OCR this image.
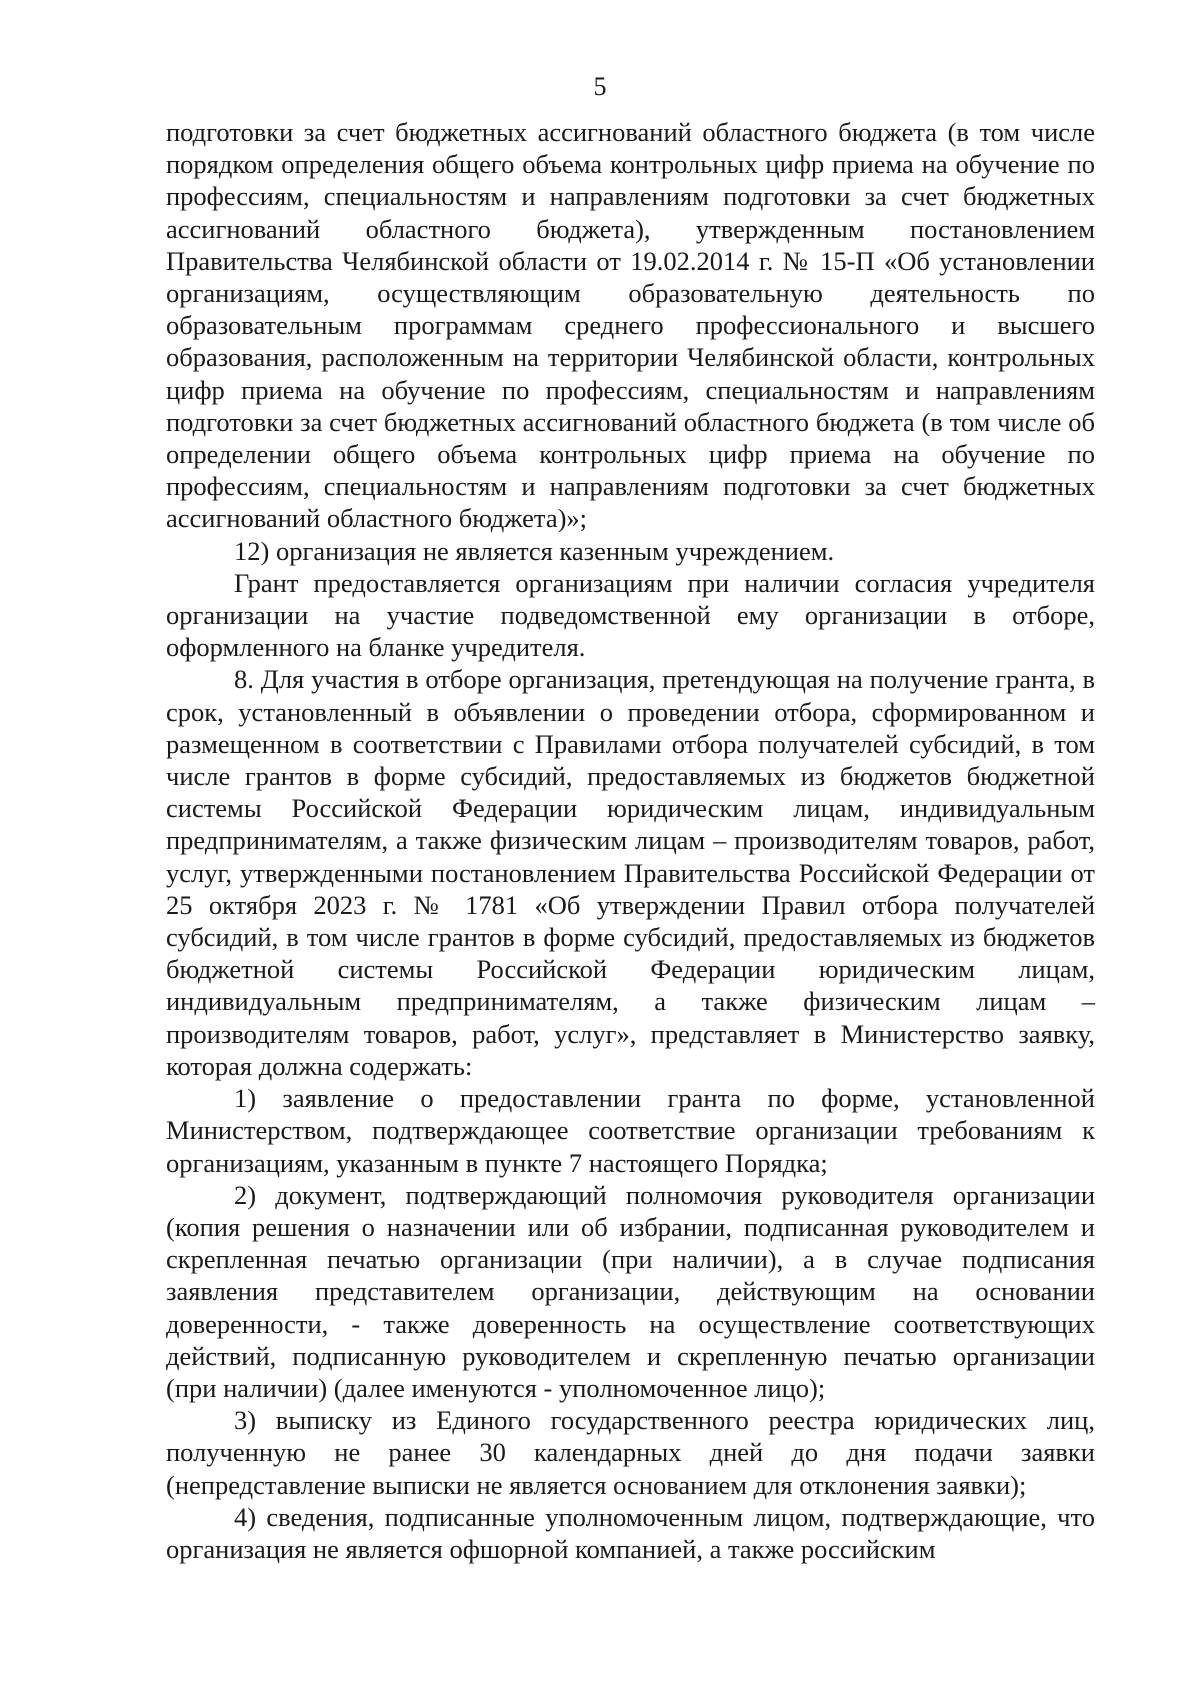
5

подготовки за счет бюджетных ассигнований областного бюджета (в том числе порядком определения общего объема контрольных цифр приема на обучение по профессиям, специальностям и направлениям подготовки за счет бюджетных ассигнований областного бюджета), утвержденным постановлением Правительства Челябинской области от 19.02.2014 г. № 15-П «Об установлении организациям, осуществляющим образовательную деятельность по образовательным программам среднего профессионального и высшего образования, расположенным на территории Челябинской области, контрольных цифр приема на обучение по профессиям, специальностям и направлениям подготовки за счет бюджетных ассигнований областного бюджета (в том числе об определении общего объема контрольных цифр приема на обучение по профессиям, специальностям и направлениям подготовки за счет бюджетных ассигнований областного бюджета)»;

12) организация не является казенным учреждением.

Грант предоставляется организациям при наличии согласия учредителя организации на участие подведомственной ему организации в отборе, оформленного на бланке учредителя.

8. Для участия в отборе организация, претендующая на получение гранта, в срок, установленный в объявлении о проведении отбора, сформированном и размещенном в соответствии с Правилами отбора получателей субсидий, в том числе грантов в форме субсидий, предоставляемых из бюджетов бюджетной системы Российской Федерации юридическим лицам, индивидуальным предпринимателям, а также физическим лицам – производителям товаров, работ, услуг, утвержденными постановлением Правительства Российской Федерации от 25 октября 2023 г. № 1781 «Об утверждении Правил отбора получателей субсидий, в том числе грантов в форме субсидий, предоставляемых из бюджетов бюджетной системы Российской Федерации юридическим лицам, индивидуальным предпринимателям, а также физическим лицам – производителям товаров, работ, услуг», представляет в Министерство заявку, которая должна содержать:

1) заявление о предоставлении гранта по форме, установленной Министерством, подтверждающее соответствие организации требованиям к организациям, указанным в пункте 7 настоящего Порядка;

2) документ, подтверждающий полномочия руководителя организации (копия решения о назначении или об избрании, подписанная руководителем и скрепленная печатью организации (при наличии), а в случае подписания заявления представителем организации, действующим на основании доверенности, - также доверенность на осуществление соответствующих действий, подписанную руководителем и скрепленную печатью организации (при наличии) (далее именуются - уполномоченное лицо);

3) выписку из Единого государственного реестра юридических лиц, полученную не ранее 30 календарных дней до дня подачи заявки (непредставление выписки не является основанием для отклонения заявки);

4) сведения, подписанные уполномоченным лицом, подтверждающие, что организация не является офшорной компанией, а также российским
